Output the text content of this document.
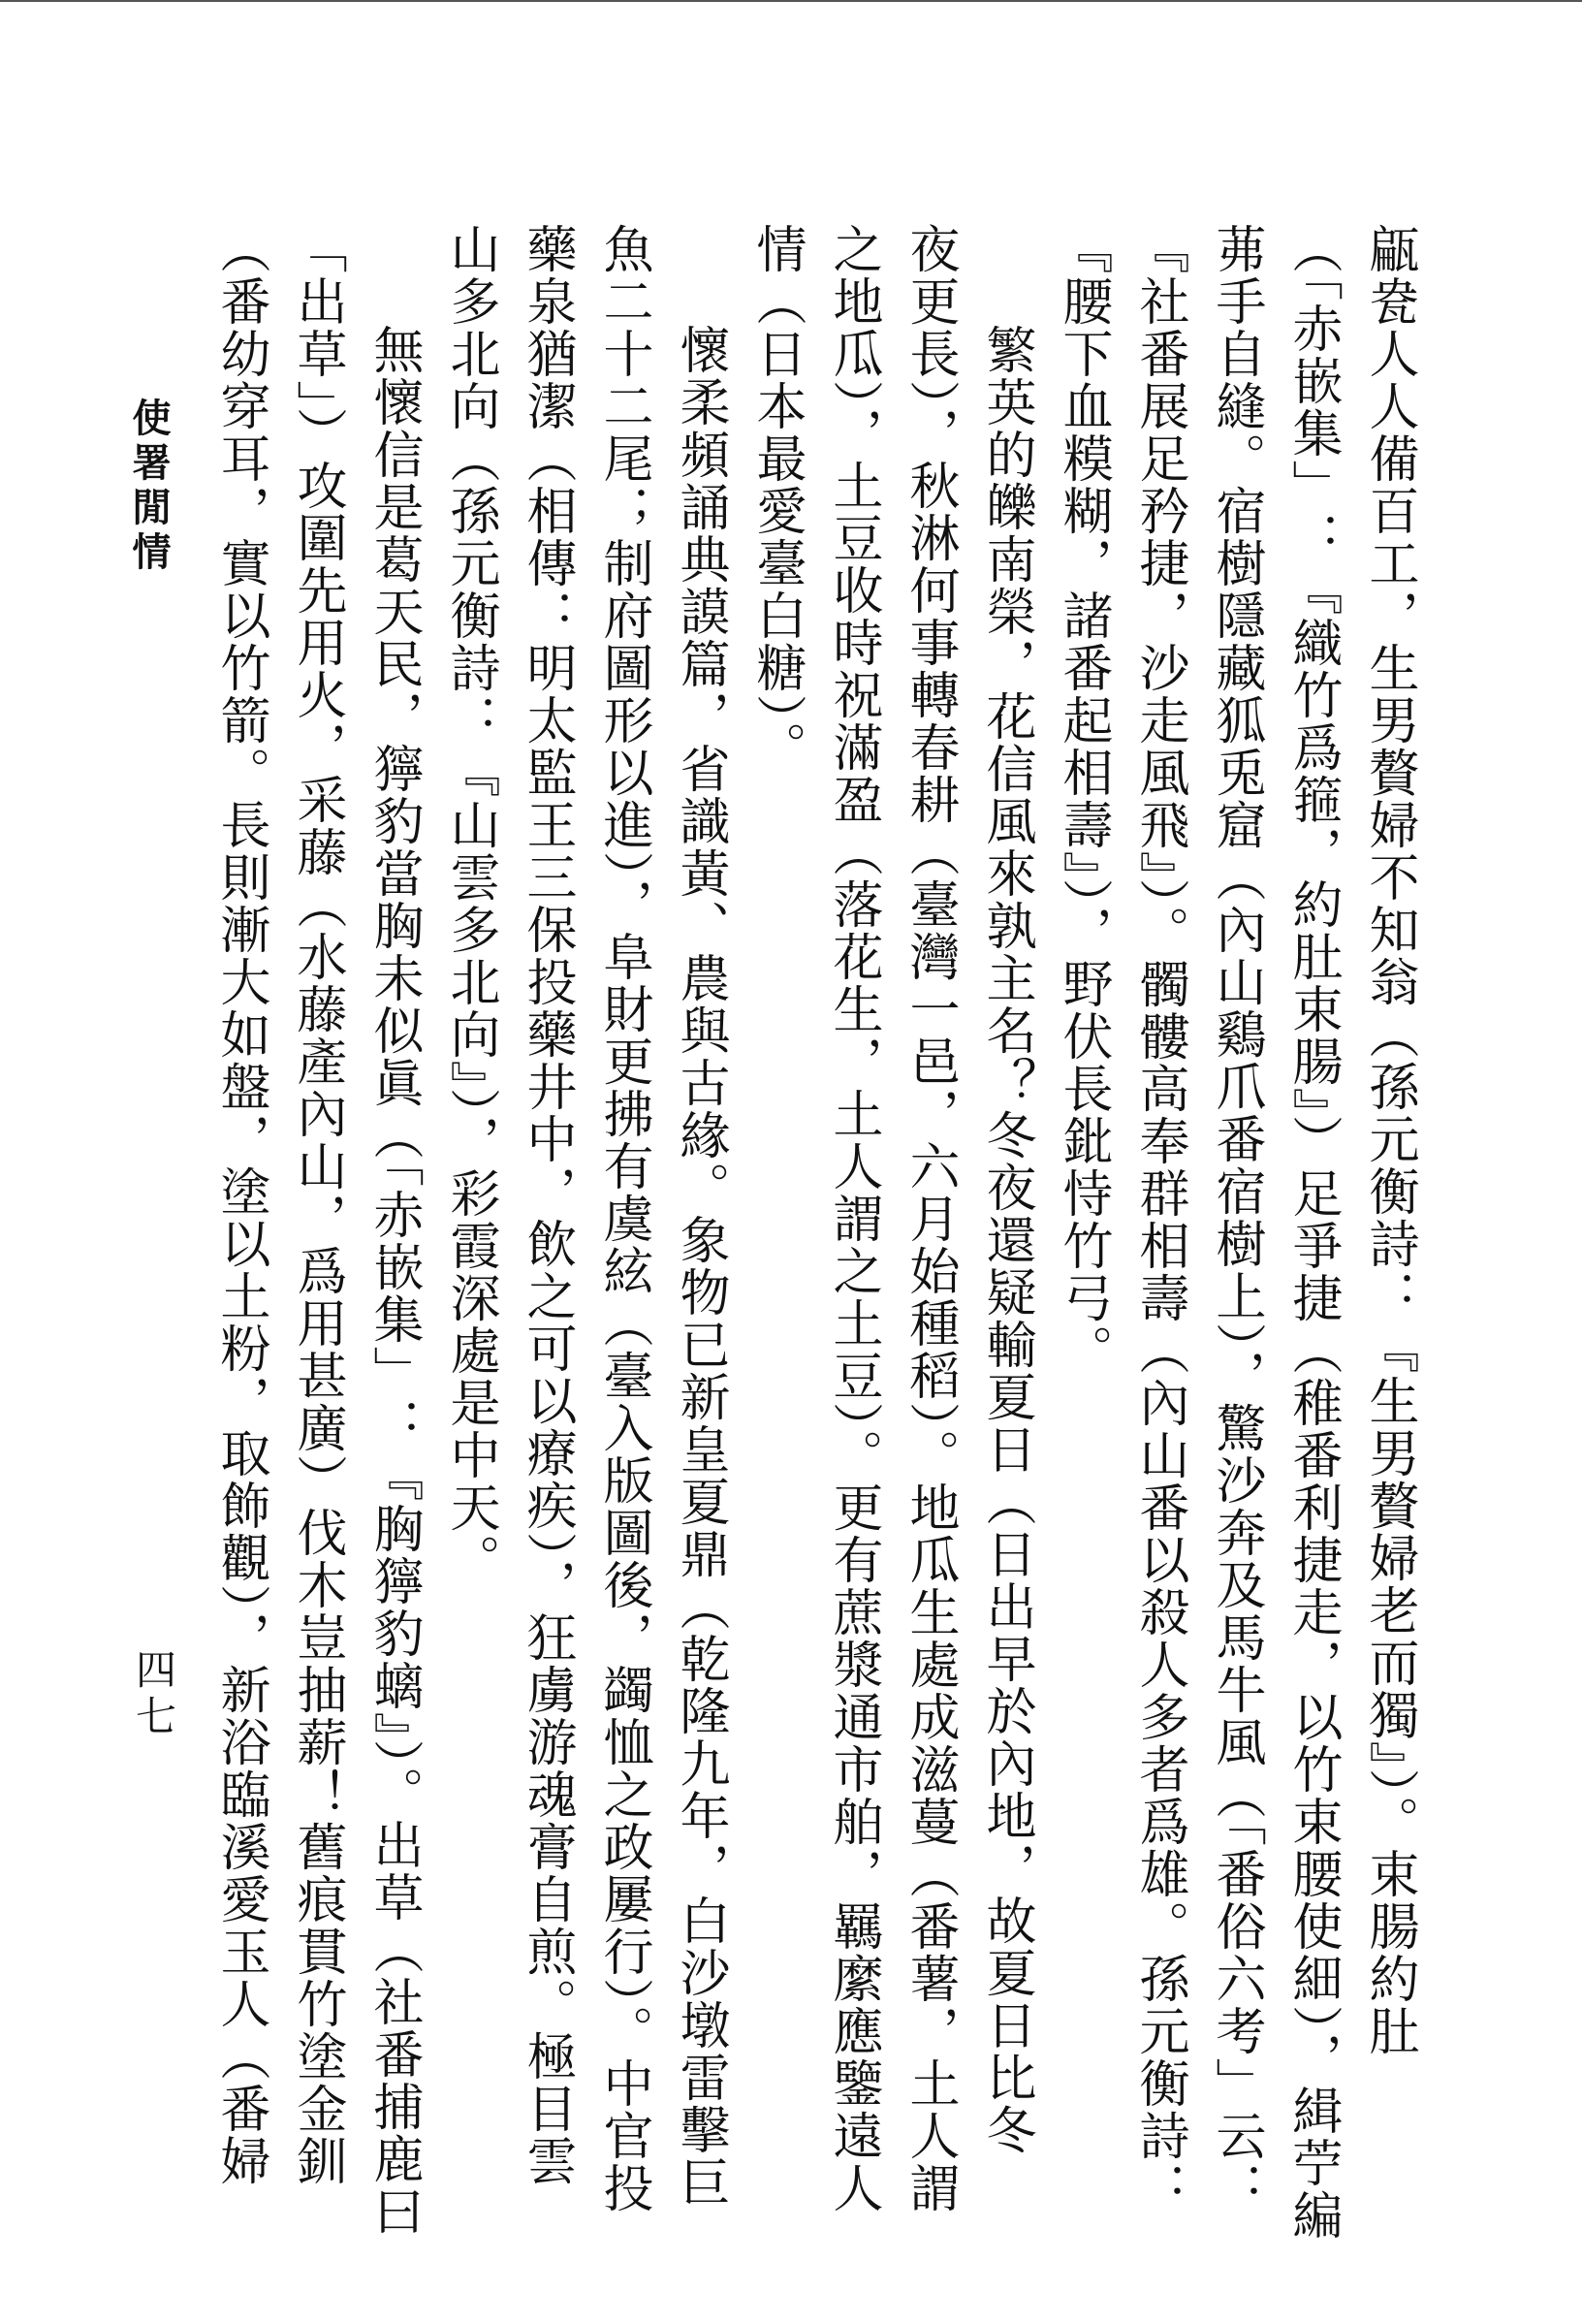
甂㼜人人備百工，生男贅婦不知翁（孫元衡詩：『生男贅婦老而獨』）。束腸約肚

（「赤嵌集」：『織竹爲箍，約肚束腸』）足爭捷（稚番利捷走，以竹束腰使細），緝苧編

茀手自縫。宿樹隱藏狐兎窟（內山鷄爪番宿樹上），驚沙奔及馬牛風（「番俗六考」云：

『社番展足矜捷，沙走風飛』）。髑髏高奉群相壽（內山番以殺人多者爲雄。孫元衡詩：

『腰下血糢糊，諸番起相壽』），野伏長鈚恃竹弓。

繁英的皪南榮，花信風來孰主名？冬夜還疑輸夏日（日出早於內地，故夏日比冬

夜更長），秋淋何事轉春耕（臺灣一邑，六月始種稻）。地瓜生處成滋蔓（番薯，土人謂

之地瓜），土豆收時祝滿盈（落花生，土人謂之土豆）。更有蔗漿通市舶，羈縻應鑒遠人

情（日本最愛臺白糖）。

懷柔頻誦典謨篇，省識黃、農與古緣。象物已新皇夏鼎（乾隆九年，白沙墩雷擊巨

魚二十二尾；制府圖形以進），阜財更拂有虞絃（臺入版圖後，蠲恤之政屢行）。中官投

藥泉猶潔（相傳：明太監王三保投藥井中，飲之可以療疾），狂虜游魂膏自煎。極目雲

山多北向（孫元衡詩：『山雲多北向』），彩霞深處是中天。

無懷信是葛天民，獰豹當胸未似眞（「赤嵌集」：『胸獰豹螭』）。出草（社番捕鹿曰

「出草」）攻圍先用火，采藤（水藤產內山，爲用甚廣）伐木豈抽薪！舊痕貫竹塗金釧

（番幼穿耳，實以竹箭。長則漸大如盤，塗以土粉，取飾觀），新浴臨溪愛玉人（番婦

使署閒情
四七
